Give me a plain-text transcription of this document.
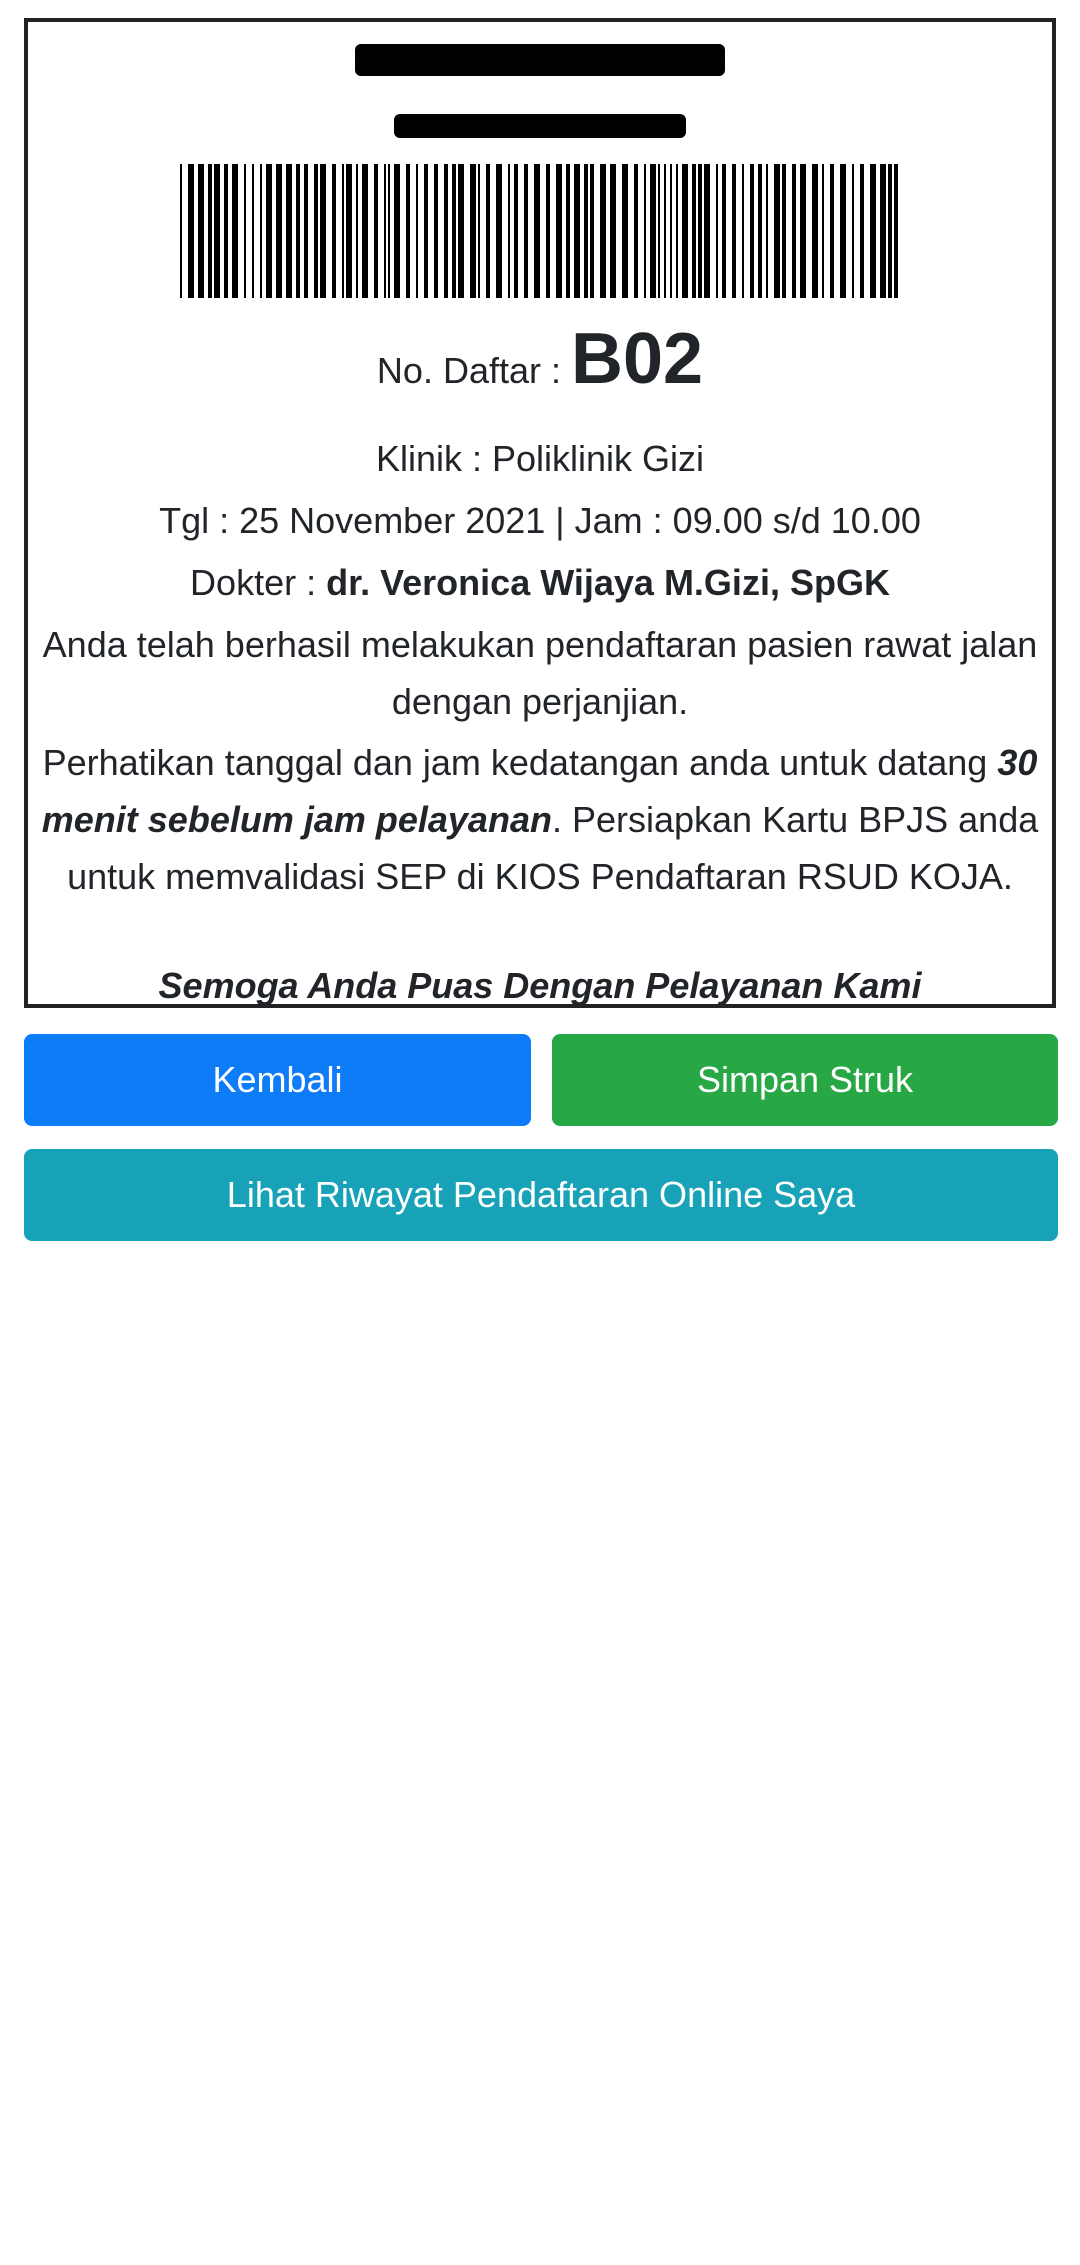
No. Daftar : B02
Klinik : Poliklinik Gizi
Tgl : 25 November 2021 | Jam : 09.00 s/d 10.00
Dokter : dr. Veronica Wijaya M.Gizi, SpGK
Anda telah berhasil melakukan pendaftaran pasien rawat jalan dengan perjanjian.
Perhatikan tanggal dan jam kedatangan anda untuk datang 30 menit sebelum jam pelayanan. Persiapkan Kartu BPJS anda untuk memvalidasi SEP di KIOS Pendaftaran RSUD KOJA.
Semoga Anda Puas Dengan Pelayanan Kami
Kembali	Simpan Struk
Lihat Riwayat Pendaftaran Online Saya
